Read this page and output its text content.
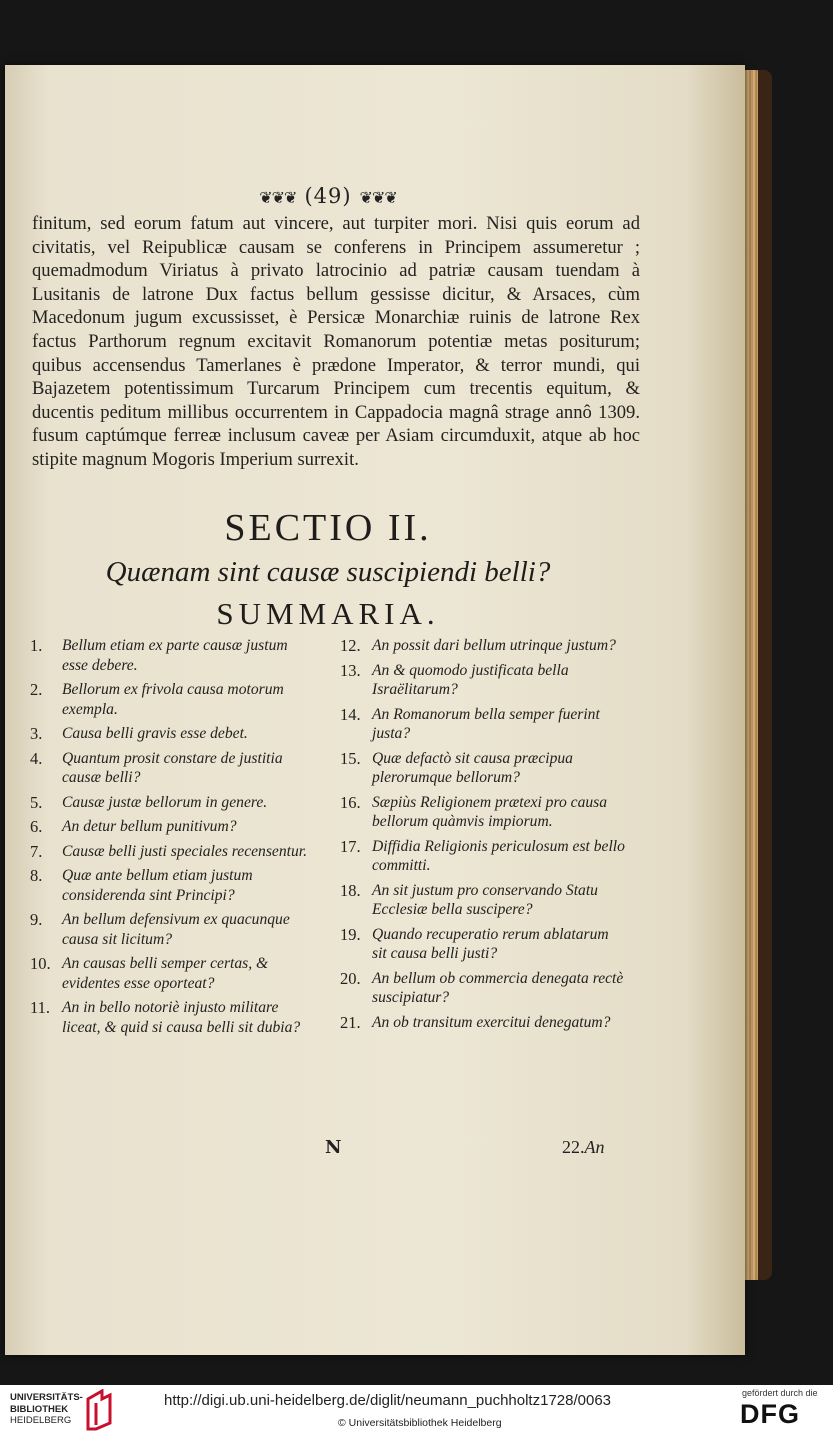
❦❦❦ (49) ❦❦❦

finitum, sed eorum fatum aut vincere, aut turpiter mori. Nisi quis eorum ad civitatis, vel Reipublicæ causam se conferens in Principem assumeretur ; quemadmodum Viriatus à privato latrocinio ad patriæ causam tuendam à Lusitanis de latrone Dux factus bellum gessisse dicitur, & Arsaces, cùm Macedonum jugum excussisset, è Persicæ Monarchiæ ruinis de latrone Rex factus Parthorum regnum excitavit Romanorum potentiæ metas positurum; quibus accensendus Tamerlanes è prædone Imperator, & terror mundi, qui Bajazetem potentissimum Turcarum Principem cum trecentis equitum, & ducentis peditum millibus occurrentem in Cappadocia magnâ strage annô 1309. fusum captúmque ferreæ inclusum caveæ per Asiam circumduxit, atque ab hoc stipite magnum Mogoris Imperium surrexit.

SECTIO II.
Quænam sint causæ suscipiendi belli?
SUMMARIA.
1.	Bellum etiam ex parte causæ justum esse debere.
2.	Bellorum ex frivola causa motorum exempla.
3.	Causa belli gravis esse debet.
4.	Quantum prosit constare de justitia causæ belli?
5.	Causæ justæ bellorum in genere.
6.	An detur bellum punitivum?
7.	Causæ belli justi speciales recensentur.
8.	Quæ ante bellum etiam justum considerenda sint Principi?
9.	An bellum defensivum ex quacunque causa sit licitum?
10. An causas belli semper certas, & evidentes esse oporteat?
11. An in bello notoriè injusto militare liceat, & quid si causa belli sit dubia?
12. An possit dari bellum utrinque justum?
13. An & quomodo justificata bella Israëlitarum?
14. An Romanorum bella semper fuerint justa?
15. Quæ defactò sit causa præcipua plerorumque bellorum?
16. Sæpiùs Religionem prætexi pro causa bellorum quàmvis impiorum.
17. Diffidia Religionis periculosum est bello committi.
18. An sit justum pro conservando Statu Ecclesiæ bella suscipere?
19. Quando recuperatio rerum ablatarum sit causa belli justi?
20. An bellum ob commercia denegata rectè suscipiatur?
21. An ob transitum exercitui denegatum?
N	22.An
UNIVERSITÄTS-
BIBLIOTHEK
HEIDELBERG
http://digi.ub.uni-heidelberg.de/diglit/neumann_puchholtz1728/0063
© Universitätsbibliothek Heidelberg
gefördert durch die
DFG
